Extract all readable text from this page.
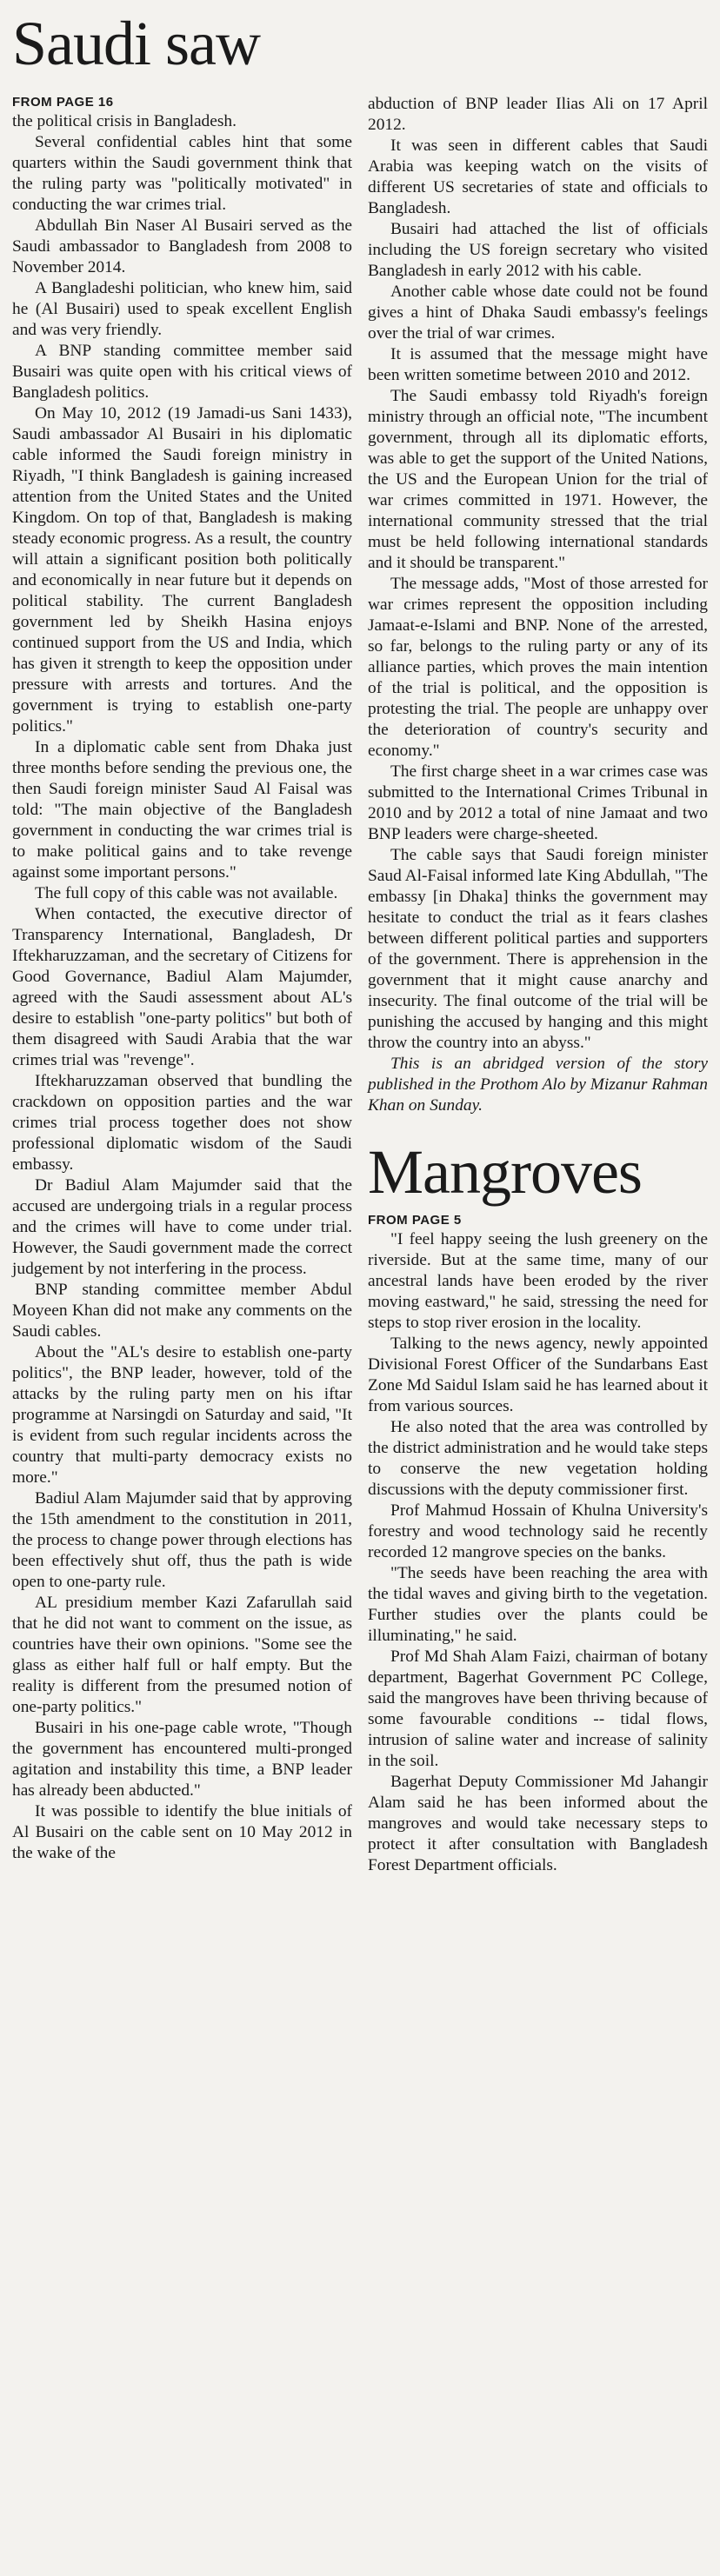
Saudi saw

FROM PAGE 16

the political crisis in Bangladesh.

Several confidential cables hint that some quarters within the Saudi government think that the ruling party was "politically motivated" in conducting the war crimes trial.

Abdullah Bin Naser Al Busairi served as the Saudi ambassador to Bangladesh from 2008 to November 2014.

A Bangladeshi politician, who knew him, said he (Al Busairi) used to speak excellent English and was very friendly.

A BNP standing committee member said Busairi was quite open with his critical views of Bangladesh politics.

On May 10, 2012 (19 Jamadi-us Sani 1433), Saudi ambassador Al Busairi in his diplomatic cable informed the Saudi foreign ministry in Riyadh, "I think Bangladesh is gaining increased attention from the United States and the United Kingdom. On top of that, Bangladesh is making steady economic progress. As a result, the country will attain a significant position both politically and economically in near future but it depends on political stability. The current Bangladesh government led by Sheikh Hasina enjoys continued support from the US and India, which has given it strength to keep the opposition under pressure with arrests and tortures. And the government is trying to establish one-party politics."

In a diplomatic cable sent from Dhaka just three months before sending the previous one, the then Saudi foreign minister Saud Al Faisal was told: "The main objective of the Bangladesh government in conducting the war crimes trial is to make political gains and to take revenge against some important persons."

The full copy of this cable was not available.

When contacted, the executive director of Transparency International, Bangladesh, Dr Iftekharuzzaman, and the secretary of Citizens for Good Governance, Badiul Alam Majumder, agreed with the Saudi assessment about AL's desire to establish "one-party politics" but both of them disagreed with Saudi Arabia that the war crimes trial was "revenge".

Iftekharuzzaman observed that bundling the crackdown on opposition parties and the war crimes trial process together does not show professional diplomatic wisdom of the Saudi embassy.

Dr Badiul Alam Majumder said that the accused are undergoing trials in a regular process and the crimes will have to come under trial. However, the Saudi government made the correct judgement by not interfering in the process.

BNP standing committee member Abdul Moyeen Khan did not make any comments on the Saudi cables.

About the "AL's desire to establish one-party politics", the BNP leader, however, told of the attacks by the ruling party men on his iftar programme at Narsingdi on Saturday and said, "It is evident from such regular incidents across the country that multi-party democracy exists no more."

Badiul Alam Majumder said that by approving the 15th amendment to the constitution in 2011, the process to change power through elections has been effectively shut off, thus the path is wide open to one-party rule.

AL presidium member Kazi Zafarullah said that he did not want to comment on the issue, as countries have their own opinions. "Some see the glass as either half full or half empty. But the reality is different from the presumed notion of one-party politics."

Busairi in his one-page cable wrote, "Though the government has encountered multi-pronged agitation and instability this time, a BNP leader has already been abducted."

It was possible to identify the blue initials of Al Busairi on the cable sent on 10 May 2012 in the wake of the

abduction of BNP leader Ilias Ali on 17 April 2012.

It was seen in different cables that Saudi Arabia was keeping watch on the visits of different US secretaries of state and officials to Bangladesh.

Busairi had attached the list of officials including the US foreign secretary who visited Bangladesh in early 2012 with his cable.

Another cable whose date could not be found gives a hint of Dhaka Saudi embassy's feelings over the trial of war crimes.

It is assumed that the message might have been written sometime between 2010 and 2012.

The Saudi embassy told Riyadh's foreign ministry through an official note, "The incumbent government, through all its diplomatic efforts, was able to get the support of the United Nations, the US and the European Union for the trial of war crimes committed in 1971. However, the international community stressed that the trial must be held following international standards and it should be transparent."

The message adds, "Most of those arrested for war crimes represent the opposition including Jamaat-e-Islami and BNP. None of the arrested, so far, belongs to the ruling party or any of its alliance parties, which proves the main intention of the trial is political, and the opposition is protesting the trial. The people are unhappy over the deterioration of country's security and economy."

The first charge sheet in a war crimes case was submitted to the International Crimes Tribunal in 2010 and by 2012 a total of nine Jamaat and two BNP leaders were charge-sheeted.

The cable says that Saudi foreign minister Saud Al-Faisal informed late King Abdullah, "The embassy [in Dhaka] thinks the government may hesitate to conduct the trial as it fears clashes between different political parties and supporters of the government. There is apprehension in the government that it might cause anarchy and insecurity. The final outcome of the trial will be punishing the accused by hanging and this might throw the country into an abyss."

This is an abridged version of the story published in the Prothom Alo by Mizanur Rahman Khan on Sunday.

Mangroves

FROM PAGE 5

"I feel happy seeing the lush greenery on the riverside. But at the same time, many of our ancestral lands have been eroded by the river moving eastward," he said, stressing the need for steps to stop river erosion in the locality.

Talking to the news agency, newly appointed Divisional Forest Officer of the Sundarbans East Zone Md Saidul Islam said he has learned about it from various sources.

He also noted that the area was controlled by the district administration and he would take steps to conserve the new vegetation holding discussions with the deputy commissioner first.

Prof Mahmud Hossain of Khulna University's forestry and wood technology said he recently recorded 12 mangrove species on the banks.

"The seeds have been reaching the area with the tidal waves and giving birth to the vegetation. Further studies over the plants could be illuminating," he said.

Prof Md Shah Alam Faizi, chairman of botany department, Bagerhat Government PC College, said the mangroves have been thriving because of some favourable conditions -- tidal flows, intrusion of saline water and increase of salinity in the soil.

Bagerhat Deputy Commissioner Md Jahangir Alam said he has been informed about the mangroves and would take necessary steps to protect it after consultation with Bangladesh Forest Department officials.
